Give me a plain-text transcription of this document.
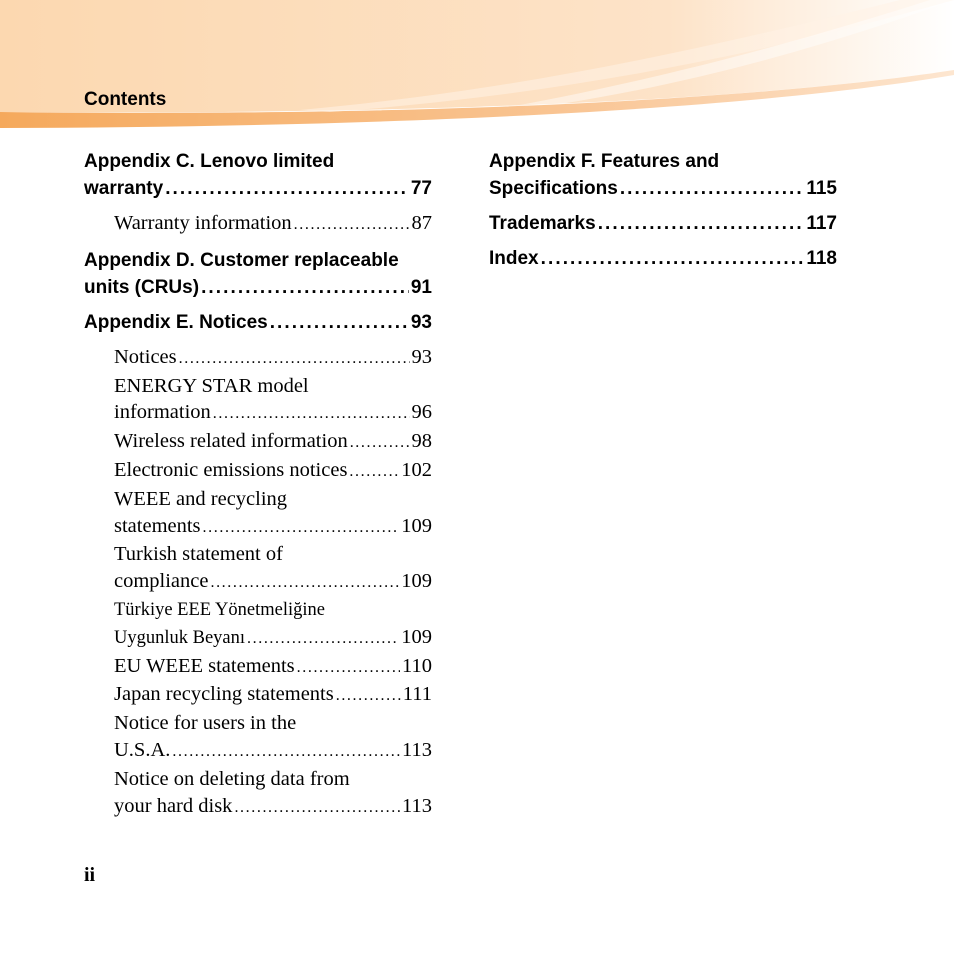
Contents
Appendix C. Lenovo limited
warranty . . .	77
Warranty information . . .	87
Appendix D. Customer replaceable
units (CRUs) . . .	91
Appendix E. Notices . . .	93
Notices . . .	93
ENERGY STAR model
information . . .	96
Wireless related information . . .	98
Electronic emissions notices . . .	102
WEEE and recycling
statements . . .	109
Turkish statement of
compliance . . .	109
Türkiye EEE Yönetmeliğine
Uygunluk Beyanı . . .	109
EU WEEE statements . . .	110
Japan recycling statements . . .	111
Notice for users in the
U.S.A. . . .	113
Notice on deleting data from
your hard disk . . .	113
Appendix F. Features and
Specifications . . .	115
Trademarks . . .	117
Index . . .	118
ii
